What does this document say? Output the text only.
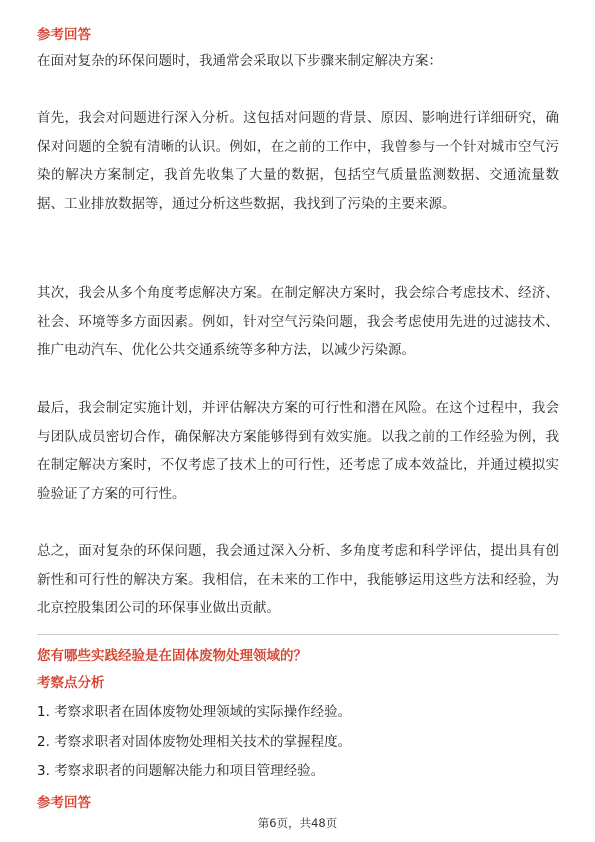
参考回答
在面对复杂的环保问题时，我通常会采取以下步骤来制定解决方案：
首先，我会对问题进行深入分析。这包括对问题的背景、原因、影响进行详细研究，确保对问题的全貌有清晰的认识。例如，在之前的工作中，我曾参与一个针对城市空气污染的解决方案制定，我首先收集了大量的数据，包括空气质量监测数据、交通流量数据、工业排放数据等，通过分析这些数据，我找到了污染的主要来源。
其次，我会从多个角度考虑解决方案。在制定解决方案时，我会综合考虑技术、经济、社会、环境等多方面因素。例如，针对空气污染问题，我会考虑使用先进的过滤技术、推广电动汽车、优化公共交通系统等多种方法，以减少污染源。
最后，我会制定实施计划，并评估解决方案的可行性和潜在风险。在这个过程中，我会与团队成员密切合作，确保解决方案能够得到有效实施。以我之前的工作经验为例，我在制定解决方案时，不仅考虑了技术上的可行性，还考虑了成本效益比，并通过模拟实验验证了方案的可行性。
总之，面对复杂的环保问题，我会通过深入分析、多角度考虑和科学评估，提出具有创新性和可行性的解决方案。我相信，在未来的工作中，我能够运用这些方法和经验，为北京控股集团公司的环保事业做出贡献。
您有哪些实践经验是在固体废物处理领域的？
考察点分析
1. 考察求职者在固体废物处理领域的实际操作经验。
2. 考察求职者对固体废物处理相关技术的掌握程度。
3. 考察求职者的问题解决能力和项目管理经验。
参考回答
第6页，共48页
